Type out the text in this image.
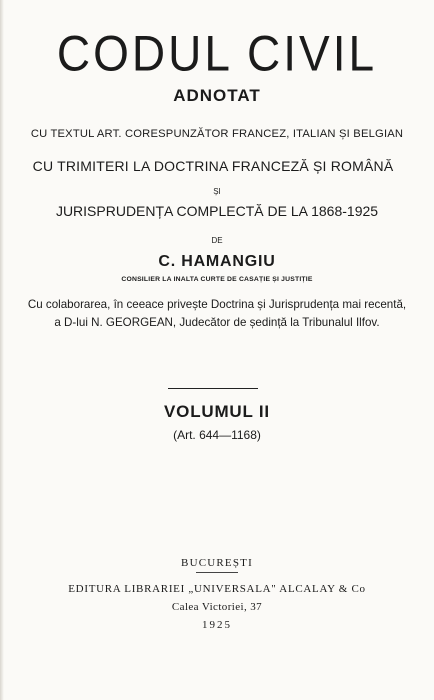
CODUL CIVIL
ADNOTAT
CU TEXTUL ART. CORESPUNZĂTOR FRANCEZ, ITALIAN ȘI BELGIAN
CU TRIMITERI LA DOCTRINA FRANCEZĂ ȘI ROMÂNĂ
ȘI
JURISPRUDENȚA COMPLECTĂ DE LA 1868-1925
DE
C. HAMANGIU
CONSILIER LA INALTA CURTE DE CASAȚIE ȘI JUSTIȚIE
Cu colaborarea, în ceeace privește Doctrina și Jurisprudența mai recentă,
a D-lui N. GEORGEAN, Judecător de ședință la Tribunalul Ilfov.
VOLUMUL II
(Art. 644—1168)
BUCUREȘTI
EDITURA LIBRARIEI „UNIVERSALA" ALCALAY & Co
Calea Victoriei, 37
1925
